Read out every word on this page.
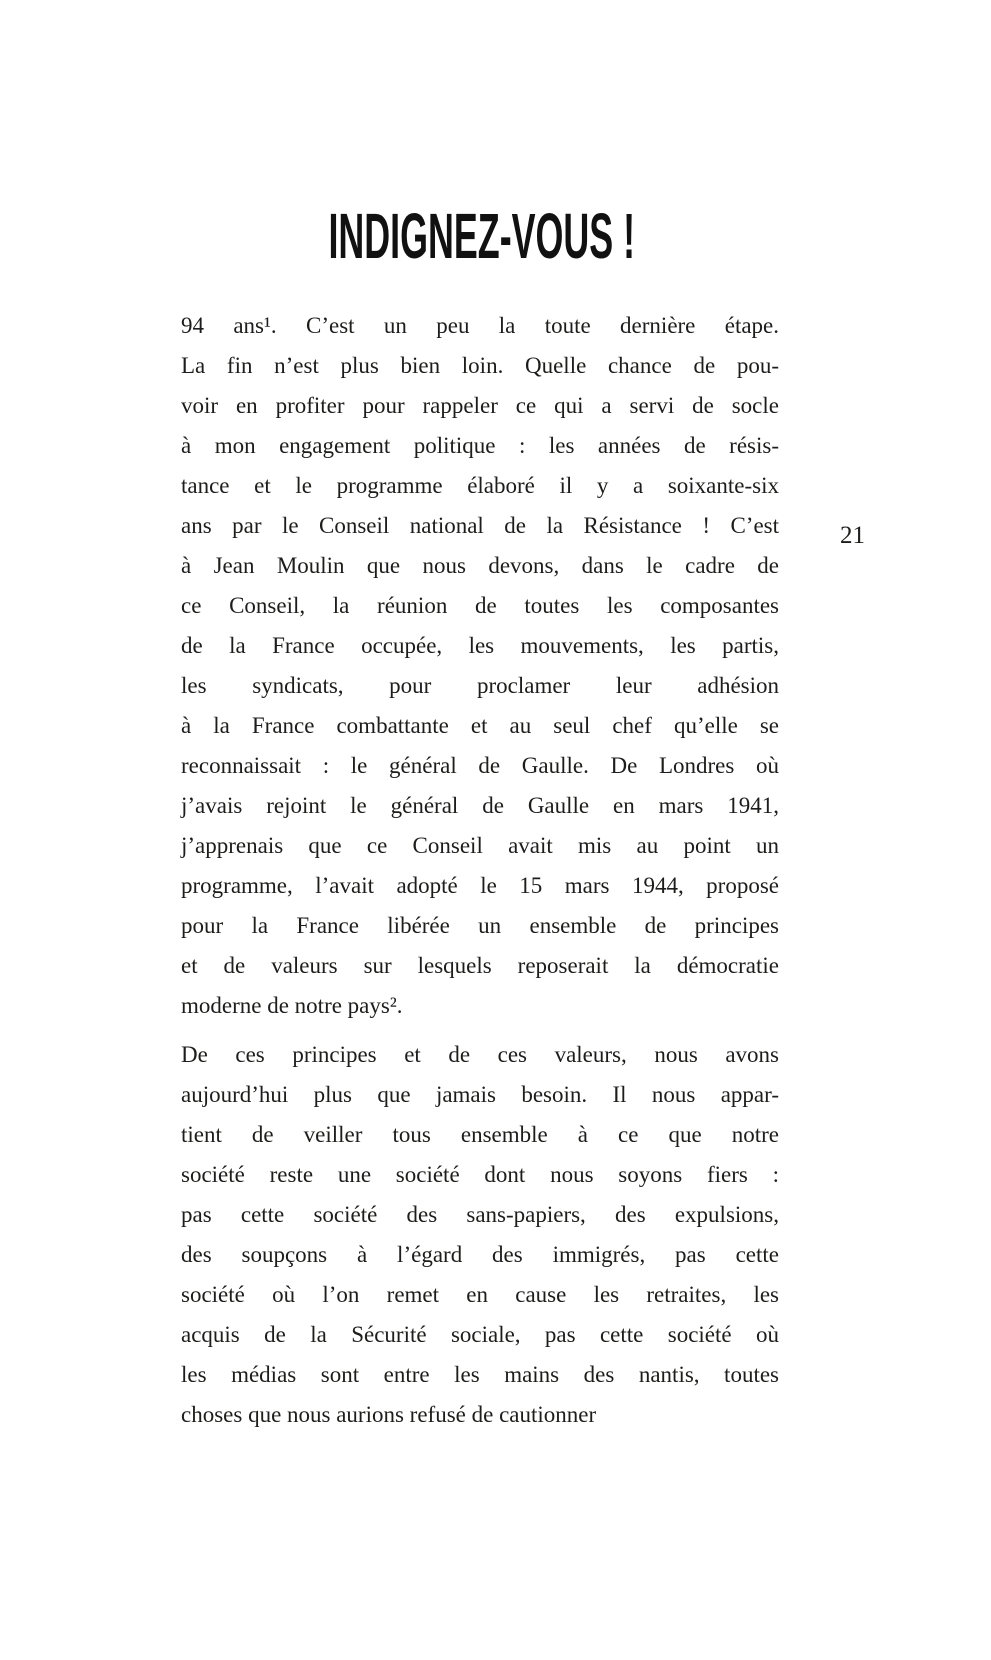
INDIGNEZ-VOUS !
21

94 ans¹. C’est un peu la toute dernière étape.
La fin n’est plus bien loin. Quelle chance de pou-
voir en profiter pour rappeler ce qui a servi de socle
à mon engagement politique : les années de résis-
tance et le programme élaboré il y a soixante-six
ans par le Conseil national de la Résistance ! C’est
à Jean Moulin que nous devons, dans le cadre de
ce Conseil, la réunion de toutes les composantes
de la France occupée, les mouvements, les partis,
les syndicats, pour proclamer leur adhésion
à la France combattante et au seul chef qu’elle se
reconnaissait : le général de Gaulle. De Londres où
j’avais rejoint le général de Gaulle en mars 1941,
j’apprenais que ce Conseil avait mis au point un
programme, l’avait adopté le 15 mars 1944, proposé
pour la France libérée un ensemble de principes
et de valeurs sur lesquels reposerait la démocratie
moderne de notre pays².

De ces principes et de ces valeurs, nous avons
aujourd’hui plus que jamais besoin. Il nous appar-
tient de veiller tous ensemble à ce que notre
société reste une société dont nous soyons fiers :
pas cette société des sans-papiers, des expulsions,
des soupçons à l’égard des immigrés, pas cette
société où l’on remet en cause les retraites, les
acquis de la Sécurité sociale, pas cette société où
les médias sont entre les mains des nantis, toutes
choses que nous aurions refusé de cautionner
